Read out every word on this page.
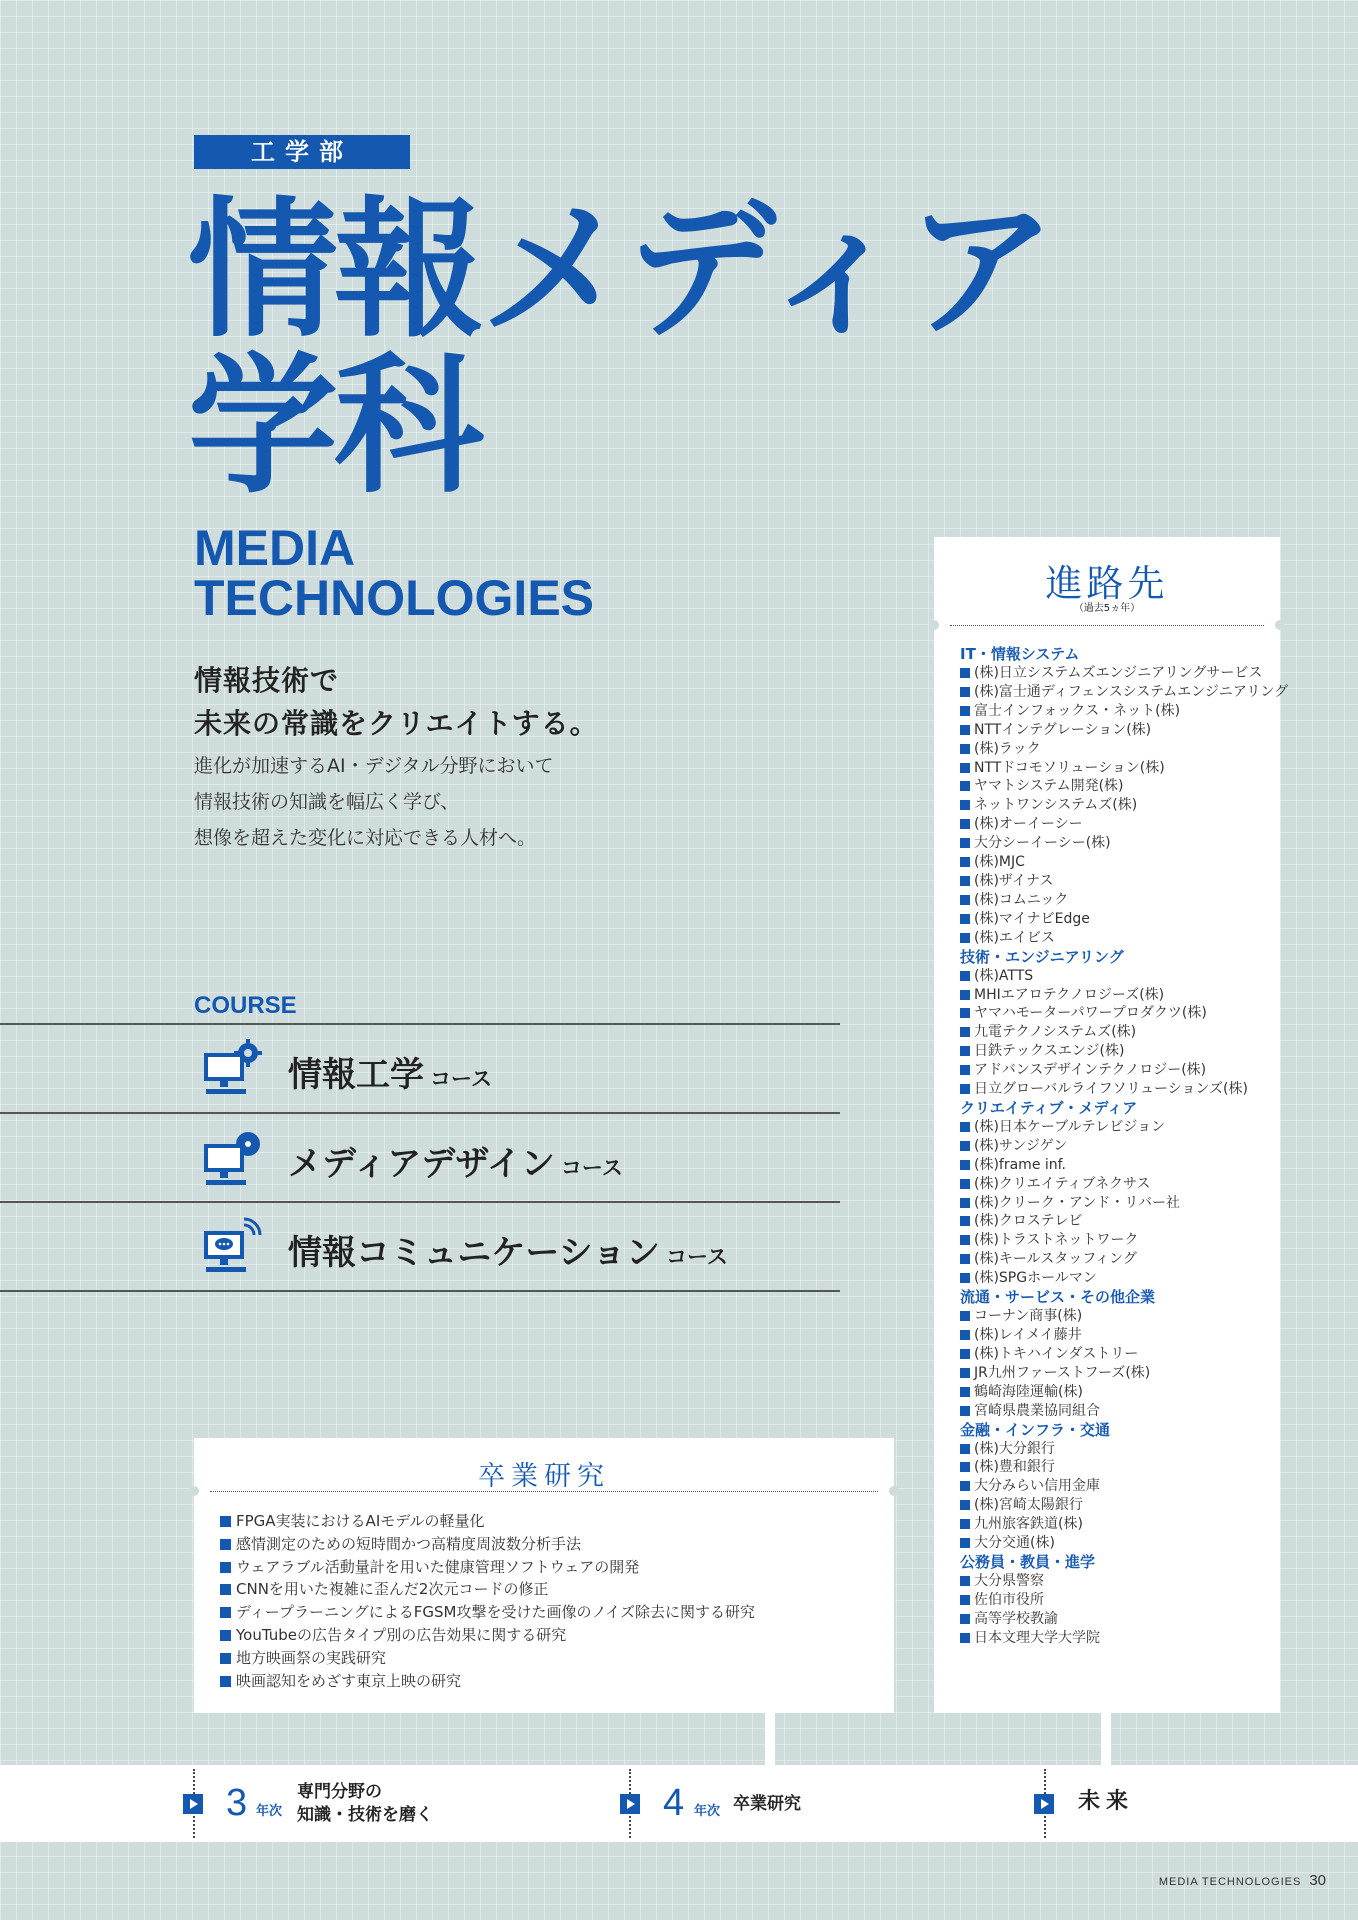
工学部
情報メディア
学科
MEDIA
TECHNOLOGIES
情報技術で
未来の常識をクリエイトする。
進化が加速するAI・デジタル分野において
情報技術の知識を幅広く学び、
想像を超えた変化に対応できる人材へ。
COURSE
情報工学 コース
メディアデザイン コース
情報コミュニケーション コース
卒業研究
FPGA実装におけるAIモデルの軽量化
感情測定のための短時間かつ高精度周波数分析手法
ウェアラブル活動量計を用いた健康管理ソフトウェアの開発
CNNを用いた複雑に歪んだ2次元コードの修正
ディープラーニングによるFGSM攻撃を受けた画像のノイズ除去に関する研究
YouTubeの広告タイプ別の広告効果に関する研究
地方映画祭の実践研究
映画認知をめざす東京上映の研究
進路先
（過去5ヵ年）
IT・情報システム
(株)日立システムズエンジニアリングサービス
(株)富士通ディフェンスシステムエンジニアリング
富士インフォックス・ネット(株)
NTTインテグレーション(株)
(株)ラック
NTTドコモソリューション(株)
ヤマトシステム開発(株)
ネットワンシステムズ(株)
(株)オーイーシー
大分シーイーシー(株)
(株)MJC
(株)ザイナス
(株)コムニック
(株)マイナビEdge
(株)エイビス
技術・エンジニアリング
(株)ATTS
MHIエアロテクノロジーズ(株)
ヤマハモーターパワープロダクツ(株)
九電テクノシステムズ(株)
日鉄テックスエンジ(株)
アドバンスデザインテクノロジー(株)
日立グローバルライフソリューションズ(株)
クリエイティブ・メディア
(株)日本ケーブルテレビジョン
(株)サンジゲン
(株)frame inf.
(株)クリエイティブネクサス
(株)クリーク・アンド・リバー社
(株)クロステレビ
(株)トラストネットワーク
(株)キールスタッフィング
(株)SPGホールマン
流通・サービス・その他企業
コーナン商事(株)
(株)レイメイ藤井
(株)トキハインダストリー
JR九州ファーストフーズ(株)
鶴崎海陸運輸(株)
宮崎県農業協同組合
金融・インフラ・交通
(株)大分銀行
(株)豊和銀行
大分みらい信用金庫
(株)宮崎太陽銀行
九州旅客鉄道(株)
大分交通(株)
公務員・教員・進学
大分県警察
佐伯市役所
高等学校教諭
日本文理大学大学院
3 年次
専門分野の
知識・技術を磨く	4 年次 卒業研究	未来
MEDIA TECHNOLOGIES 30
